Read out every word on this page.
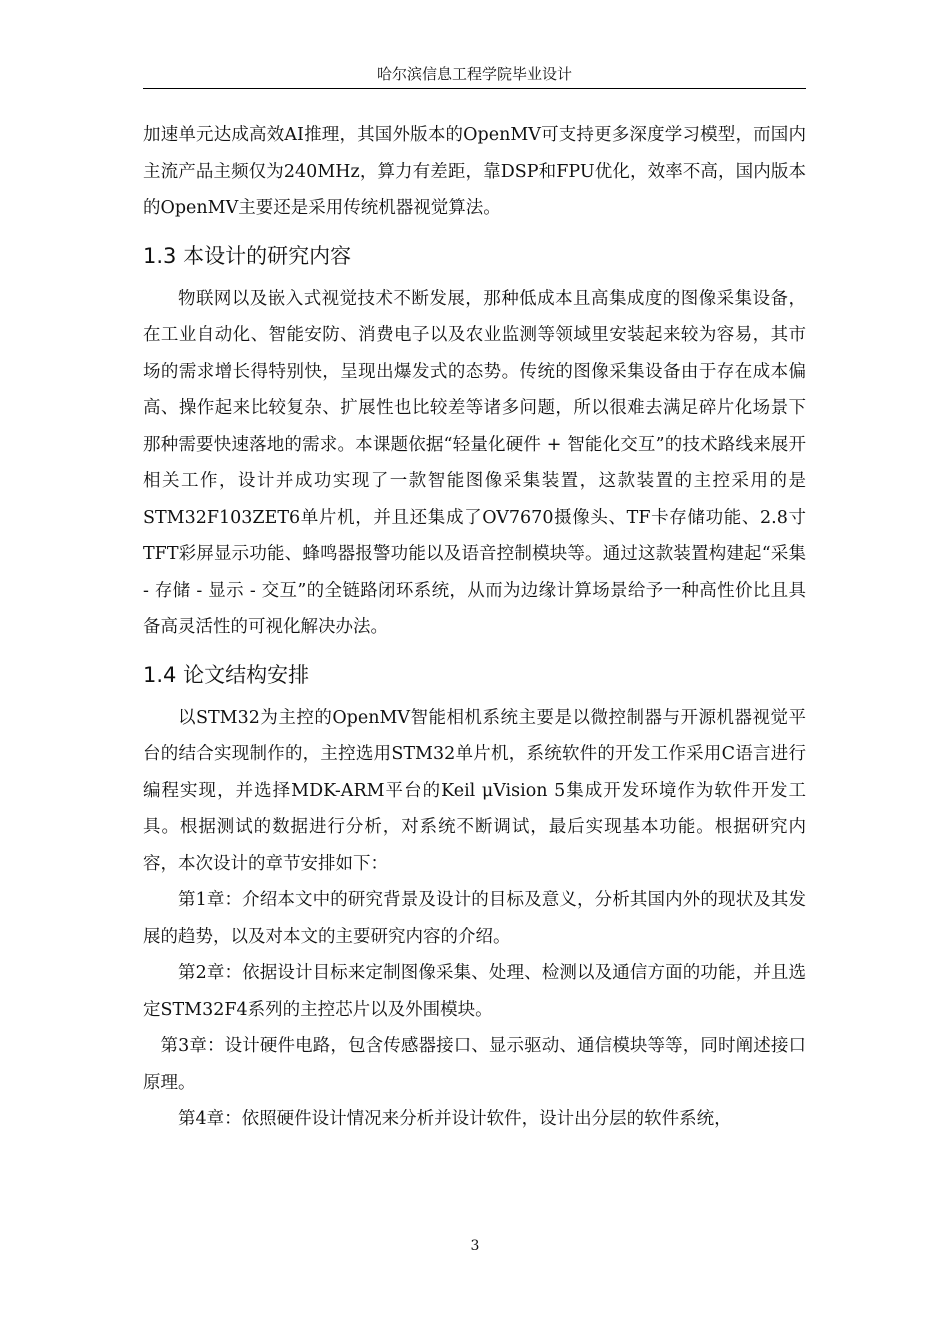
哈尔滨信息工程学院毕业设计

加速单元达成高效AI推理，其国外版本的OpenMV可支持更多深度学习模型，而国内主流产品主频仅为240MHz，算力有差距，靠DSP和FPU优化，效率不高，国内版本的OpenMV主要还是采用传统机器视觉算法。

1.3 本设计的研究内容

物联网以及嵌入式视觉技术不断发展，那种低成本且高集成度的图像采集设备，在工业自动化、智能安防、消费电子以及农业监测等领域里安装起来较为容易，其市场的需求增长得特别快，呈现出爆发式的态势。传统的图像采集设备由于存在成本偏高、操作起来比较复杂、扩展性也比较差等诸多问题，所以很难去满足碎片化场景下那种需要快速落地的需求。本课题依据“轻量化硬件 + 智能化交互”的技术路线来展开相关工作，设计并成功实现了一款智能图像采集装置，这款装置的主控采用的是STM32F103ZET6单片机，并且还集成了OV7670摄像头、TF卡存储功能、2.8寸TFT彩屏显示功能、蜂鸣器报警功能以及语音控制模块等。通过这款装置构建起“采集 - 存储 - 显示 - 交互”的全链路闭环系统，从而为边缘计算场景给予一种高性价比且具备高灵活性的可视化解决办法。

1.4 论文结构安排

以STM32为主控的OpenMV智能相机系统主要是以微控制器与开源机器视觉平台的结合实现制作的，主控选用STM32单片机，系统软件的开发工作采用C语言进行编程实现，并选择MDK-ARM平台的Keil μVision 5集成开发环境作为软件开发工具。根据测试的数据进行分析，对系统不断调试，最后实现基本功能。根据研究内容，本次设计的章节安排如下：

第1章：介绍本文中的研究背景及设计的目标及意义，分析其国内外的现状及其发展的趋势，以及对本文的主要研究内容的介绍。

第2章：依据设计目标来定制图像采集、处理、检测以及通信方面的功能，并且选定STM32F4系列的主控芯片以及外围模块。

第3章：设计硬件电路，包含传感器接口、显示驱动、通信模块等等，同时阐述接口原理。

第4章：依照硬件设计情况来分析并设计软件，设计出分层的软件系统，

3
